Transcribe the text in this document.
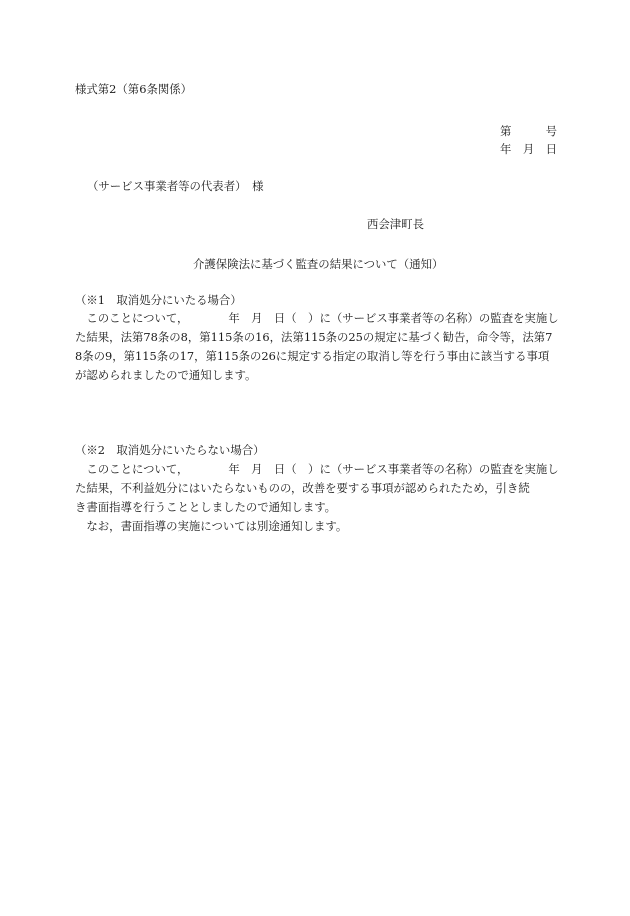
様式第2（第6条関係）
第　　　号
年　月　日
（サービス事業者等の代表者）　様
西会津町長
介護保険法に基づく監査の結果について（通知）
（※1　取消処分にいたる場合）
　このことについて，　　　　年　月　日（　）に（サービス事業者等の名称）の監査を実施し
た結果，法第78条の8，第115条の16，法第115条の25の規定に基づく勧告，命令等，法第7
8条の9，第115条の17，第115条の26に規定する指定の取消し等を行う事由に該当する事項
が認められましたので通知します。
（※2　取消処分にいたらない場合）
　このことについて，　　　　年　月　日（　）に（サービス事業者等の名称）の監査を実施し
た結果，不利益処分にはいたらないものの，改善を要する事項が認められたため，引き続
き書面指導を行うこととしましたので通知します。
　なお，書面指導の実施については別途通知します。
